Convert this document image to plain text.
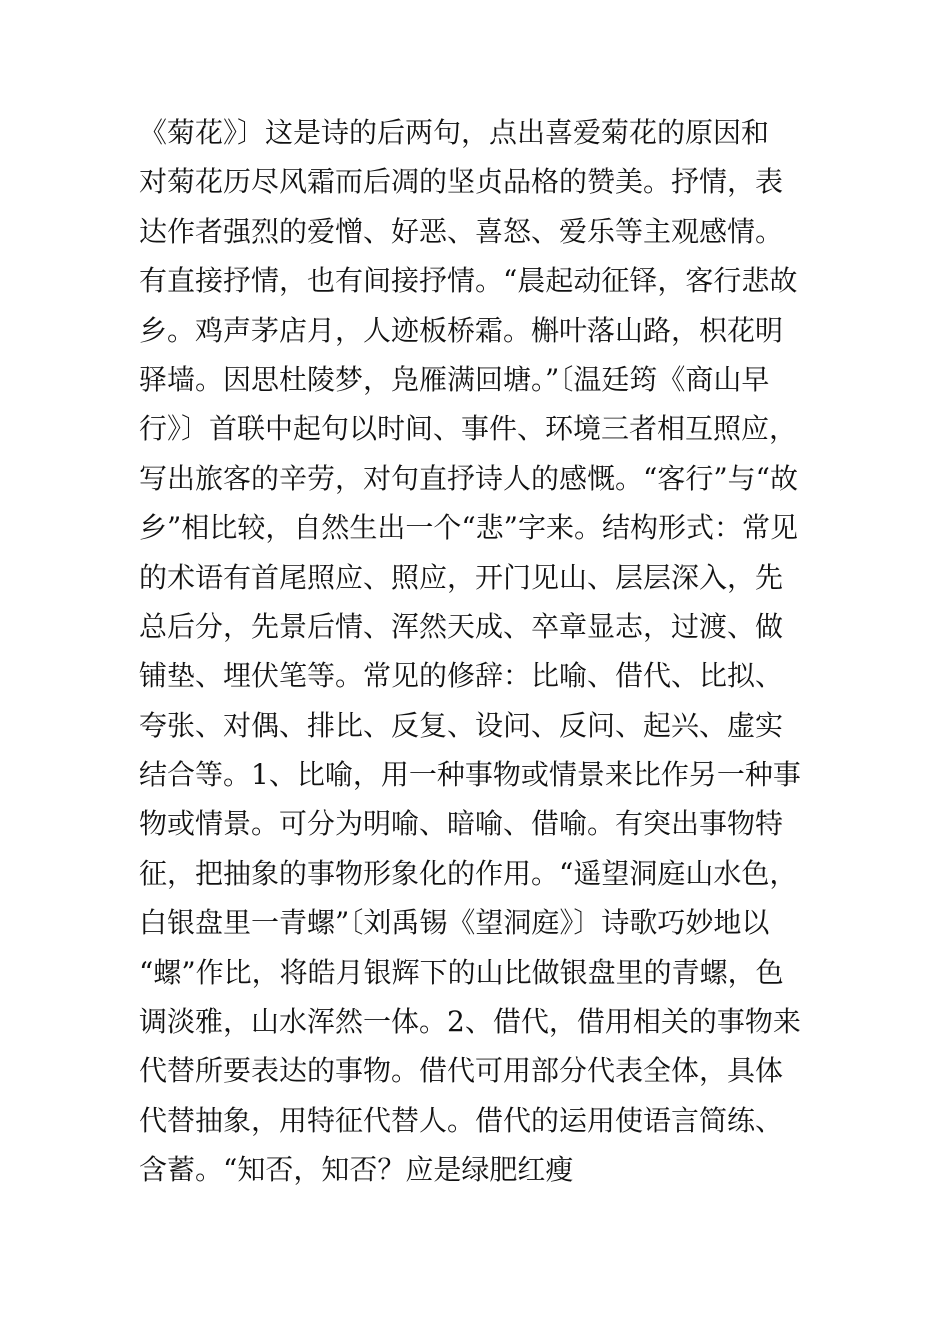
《菊花》〕这是诗的后两句，点出喜爱菊花的原因和
对菊花历尽风霜而后凋的坚贞品格的赞美。抒情，表
达作者强烈的爱憎、好恶、喜怒、爱乐等主观感情。
有直接抒情，也有间接抒情。“晨起动征铎，客行悲故
乡。鸡声茅店月，人迹板桥霜。槲叶落山路，枳花明
驿墙。因思杜陵梦，凫雁满回塘。”〔温廷筠《商山早
行》〕首联中起句以时间、事件、环境三者相互照应，
写出旅客的辛劳，对句直抒诗人的感慨。“客行”与“故
乡”相比较，自然生出一个“悲”字来。结构形式：常见
的术语有首尾照应、照应，开门见山、层层深入，先
总后分，先景后情、浑然天成、卒章显志，过渡、做
铺垫、埋伏笔等。常见的修辞：比喻、借代、比拟、
夸张、对偶、排比、反复、设问、反问、起兴、虚实
结合等。1、比喻，用一种事物或情景来比作另一种事
物或情景。可分为明喻、暗喻、借喻。有突出事物特
征，把抽象的事物形象化的作用。“遥望洞庭山水色，
白银盘里一青螺”〔刘禹锡《望洞庭》〕诗歌巧妙地以
“螺”作比，将皓月银辉下的山比做银盘里的青螺，色
调淡雅，山水浑然一体。2、借代，借用相关的事物来
代替所要表达的事物。借代可用部分代表全体，具体
代替抽象，用特征代替人。借代的运用使语言简练、
含蓄。“知否，知否？应是绿肥红瘦
